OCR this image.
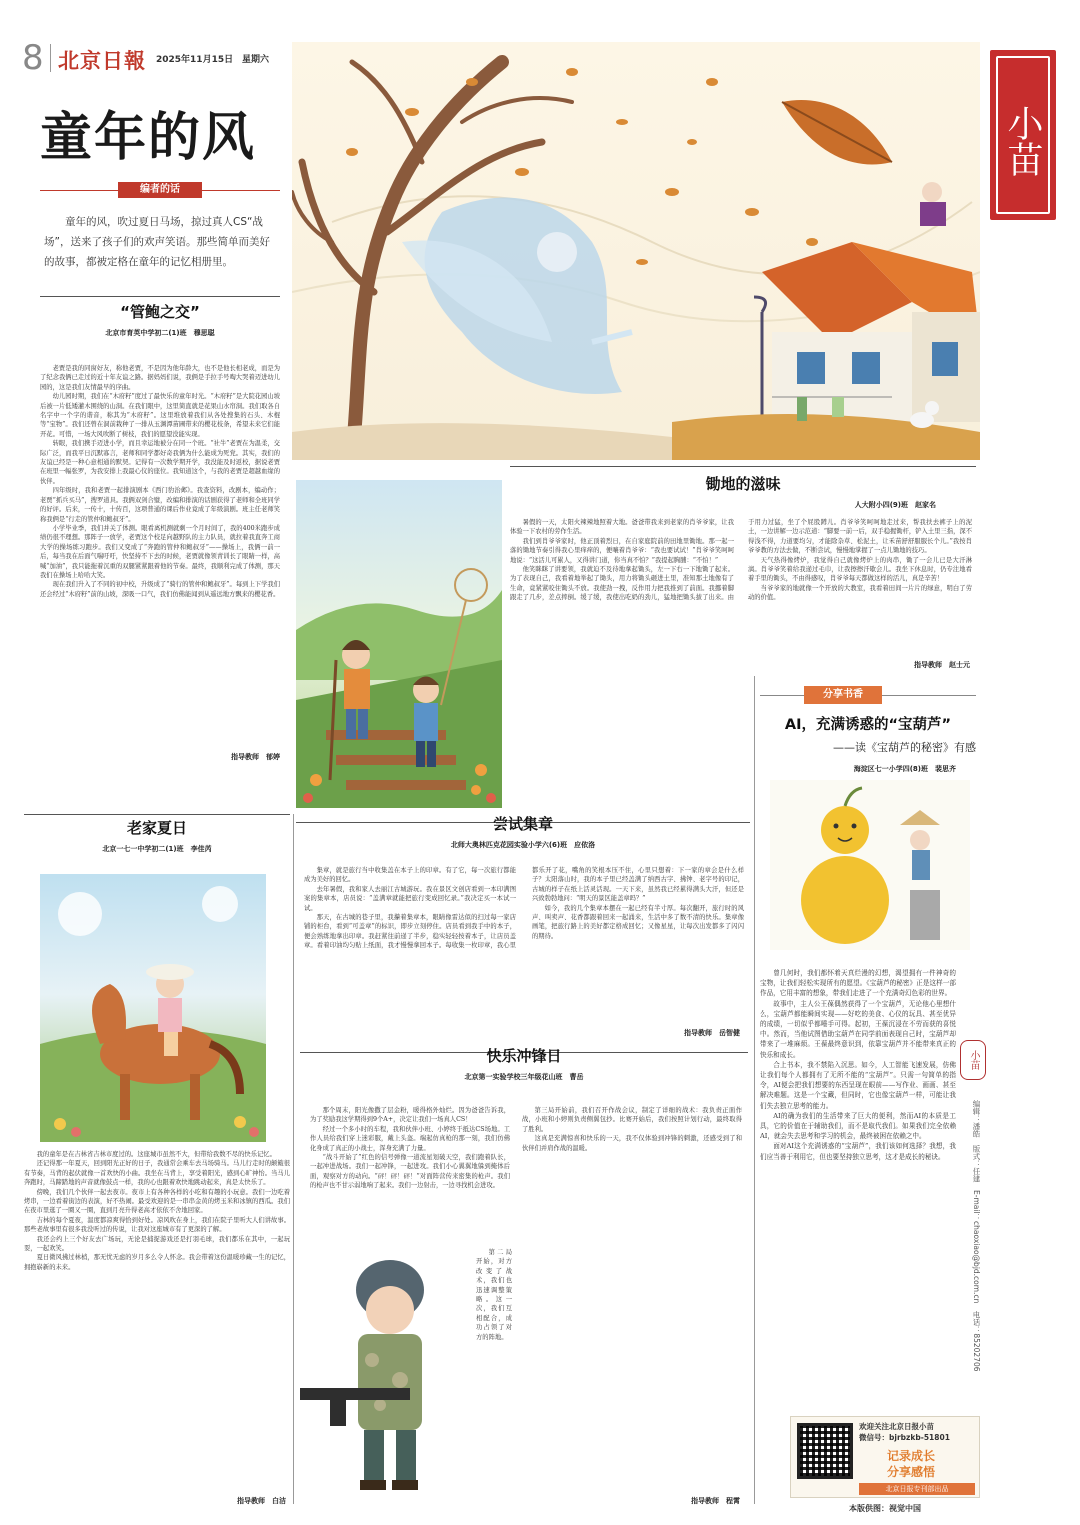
8 北京日報 2025年11月15日 星期六
小苗
童年的风
编者的话
童年的风，吹过夏日马场，掠过真人CS“战场”，送来了孩子们的欢声笑语。那些简单而美好的故事，都被定格在童年的记忆相册里。
“管鲍之交”
北京市育英中学初二(1)班　穆思聪

老贾是我的同窗好友，称他老贾，不是因为他年龄大，也不是他长相老成，而是为了纪念我俩已走过的近十年友谊之路。据妈妈们说，我俩是手拉手号啕大哭着迈进幼儿园的，这是我们友情最早的序曲。

幼儿园时期，我们在“木府籽”度过了最快乐的童年时光。“木府籽”是大院花园山坡后被一片低矮灌木围绕的山洞。在我们眼中，这里简直就是花果山水帘洞。我们取各自名字中一个字的谐音，称其为“木府籽”。这里堆放着我们从各处搜集的石头、木棍等“宝物”。我们还曾在洞前栽种了一排从玉渊潭苗圃带来的樱花枝条，希望未来它们能开花。可惜，一场大风吹断了树枝，我们的愿望没能实现。

转眼，我们携手迈进小学，而且幸运地被分在同一个班。“社牛”老贾在为温柔，交际广泛，而我平日沉默寡言，老师和同学都好奇我俩为什么能成为死党。其实，我们的友谊已经是一种心意相通的默契。记得有一次数学期开学，我没能及时返校，据说老贾在班里一幅张罗，为我安排上我最心仪的座位。我知道这个，与我的老贾是超越血缘的伙伴。

四年级时，我和老贾一起排演剧本《西门豹治邺》。我查资料，改剧本，编动作；老贾“抓兵买马”，搜罗道具。我俩双剑合璧，改编和排演的话剧获得了老师和全班同学的好评。后来，一传十，十传百，这项普通的课后作业竟成了年级演剧。班主任老师笑称我俩是“行走的管仲和鲍叔牙”。

小学毕业季，我们并关了体测。眼看离机测就剩一个月时间了，我的400米跑步成绩仍很不理想。那阵子一放学，老贾这个校足向越野队的主力队员，就拉着我直奔工商大学的操场练习跑步。我们又变成了“奔跑的管仲和鲍叔牙”——操场上，我俩一前一后，每当我在后面气喘吁吁，快坚持不下去的时候，老贾就像领青训长了眼睛一样，高喊“加油”，我只能拖着沉重的双腿紧紧跟着他的节奏。最终，我顺利完成了体测，那天我们在操场上哈哈大笑。

现在我们升入了不同的初中校，升级成了“骑行的管仲和鲍叔牙”。每到上下学我们还会经过“木府籽”前的山坡，深吸一口气，我们仿佛能闻到从遥远地方飘来的樱花香。

指导教师　郁婷
锄地的滋味
人大附小四(9)班　赵家名

暑假的一天，太阳火辣辣地照着大地。爸爸带我来到老家的肖爷爷家，让我体验一下农村的劳作生活。

我们到肖爷爷家时，他正顶着烈日，在自家庭院前的田地里锄地。那一起一落的锄地节奏引得我心里痒痒的，便嚷着肖爷爷：“我也要试试！”肖爷爷笑呵呵地说：“这活儿可累人，又得讲门道，你当真不怕？”我提起胸脯：“不怕！”

他笑眯眯了讲要领，我就迫不及待地拿起锄头，左一下右一下地锄了起来。为了表现自己，我看着地举起了锄头，用力将锄头砸进土里，准知那土地像有了生命，竟紧紧咬住锄头不放。我使劲一拽，反作用力把我推到了前面。我挪着脚跟走了几步，差点摔倒。缓了缓，我使出吃奶的劲儿，猛地把锄头拔了出来。由于用力过猛，坐了个屁股蹲儿。肖爷爷笑呵呵地走过来，帮我扶去裤子上的泥土，一边讲解一边示范道：“脚要一前一后，双手稳握锄杆，铲入土里三指，深不得浅不得，力道要均匀，才能除杂草、松泥土，让禾苗舒舒服服长个儿。”我按肖爷爷教的方法去做，不断尝试，慢慢地掌握了一点儿锄地的技巧。

天气热得像烤炉，我觉得自己就像烤炉上的肉串，锄了一会儿已是大汗淋漓。肖爷爷笑着给我递过毛巾，让我擦擦汗歇会儿。我坐下休息时，仍专注地看着手里的锄头，不由得感叹，肖爷爷每天都做这样的活儿，真是辛苦！

当爷爷家的地就像一个开放的大教室，我看着田间一片片的绿意，明白了劳动的价值。

指导教师　赵士元
分享书香
AI，充满诱惑的“宝葫芦”
——读《宝葫芦的秘密》有感
海淀区七一小学四(8)班　裴思齐

曾几何时，我们都怀着天真烂漫的幻想，渴望拥有一件神奇的宝物，让我们轻松实现所有的愿望。《宝葫芦的秘密》正是这样一部作品，它用丰富的想象，带我们走进了一个充满奇幻色彩的世界。

故事中，主人公王葆偶然获得了一个宝葫芦，无论他心里想什么，宝葫芦都能瞬间实现——好吃的美食、心仪的玩具、甚至优异的成绩，一切似乎都唾手可得。起初，王葆沉浸在不劳而获的喜悦中。然而，当他试图借助宝葫芦在同学前面表现自己时，宝葫芦却带来了一堆麻烦。王葆最终意识到，依靠宝葫芦并不能带来真正的快乐和成长。

合上书本，我不禁陷入沉思。如今，人工智能飞速发展，仿佛让我们每个人都拥有了无所不能的“宝葫芦”。只需一句简单的指令，AI便会把我们想要的东西呈现在眼前——写作业、画画、甚至解决难题。这是一个宝藏，但同时，它也像宝葫芦一样，可能让我们失去独立思考的能力。

AI的确为我们的生活带来了巨大的便利，然而AI的本质是工具，它的价值在于辅助我们，而不是取代我们。如果我们完全依赖AI，就会失去思考和学习的机会，最终被困在依赖之中。

面对AI这个充满诱惑的“宝葫芦”，我们该如何选择？我想，我们应当善于利用它，但也要坚持独立思考，这才是成长的秘诀。

小苗
编辑：潘皓　版式：任建　E-mail：chaoxiao@bjd.com.cn　电话：85202706
欢迎关注北京日报小苗
微信号：bjrbzkb-51801
记录成长
分享感悟
北京日报专刊部出品
本版供图：视觉中国
老家夏日
北京一七一中学初二(1)班　李佳芮

我的童年是在吉林省吉林市度过的。这座城市虽然不大，但带给我数不尽的快乐记忆。

还记得那一年夏天，回到阳光正好的日子，我通常会乘车去马场骑马。马儿行走时的颠簸很有节奏，马背的起伏就像一首欢快的小曲。我坐在马背上，享受着阳光，感到心旷神怡。当马儿奔跑时，马蹄踏地的声音就像鼓点一样，我的心也跟着欢快地跳动起来，真是太快乐了。

傍晚，我们几个伙伴一起去夜市。夜市上有各种各样的小吃和有趣的小玩意。我们一边吃着烤串，一边看着街边的表演，好不热闹。最受欢迎的是一串串金黄的烤玉米和冰镇的西瓜。我们在夜市里逛了一圈又一圈，直到月亮升得老高才依依不舍地回家。

吉林的每个夏夜，温度都凉爽得恰到好处。凉风吹在身上，我们在院子里听大人们讲故事。那些老故事里有很多我没听过的传说，让我对这座城市有了更深的了解。

我还会约上三个好友去广场玩，无论是捕捉游戏还是打羽毛球，我们都乐在其中，一起玩耍，一起欢笑。

夏日微风拂过林梢，那无忧无虑的岁月多么令人怀念。我会带着这份温暖珍藏一生的记忆，拥抱崭新的未来。

指导教师　白洁
尝试集章
北师大奥林匹克花园实验小学六(6)班　应依洛

集章，就是旅行当中收集盖在本子上的印章。有了它，每一次旅行都能成为美好的回忆。

去年暑假，我和家人去丽江古城游玩。我在景区文创店看到一本印满图案的集章本，店员说：“盖满章就能把旅行变成回忆录。”我决定买一本试一试。

那天，在古城的巷子里，我攥着集章本，眼睛像雷达似的扫过每一家店铺的柜台，看到“可盖章”的标识，即步立刻停住。店员看到我手中的本子，便会熟练地拿出印章。我赶紧往前递了半步，稳实轻轻按着本子，让店员盖章。看着印油均匀贴上纸面，我才慢慢拿回本子。每收集一枚印章，我心里都乐开了花，嘴角的笑根本压不住，心里只想着：下一家的章会是什么样子？太阳落山时，我的本子里已经盖满了纳西古字、拂钟、老字号的印记，古城的样子在纸上活灵活现。一天下来，虽然我已经累得满头大汗，但还是兴致勃勃地问：“明天的景区能盖章吗？”

如今，我的几个集章本摆在一起已经有半寸厚。每次翻开，旅行时的风声、叫卖声、花香都跟着回来一起涌来，生活中多了数不清的快乐。集章像画笔，把旅行路上的美好都定格成回忆；又像星星，让每次出发都多了闪闪的期待。

指导教师　岳智健
快乐冲锋日
北京第一实验学校三年级花山班　曹岳

那个周末，阳光像撒了层金粉，暖得格外灿烂。因为爸爸告诉我，为了奖励我这学期得到9个A+，决定让我们一场真人CS！

经过一个多小时的车程，我和伙伴小班、小婷终于抵达CS场地。工作人员给我们穿上迷彩服，戴上头盔。端起仿真枪的那一刻，我们仿佛化身成了真正的小战士，浑身充满了力量。

“战斗开始了”红色的信号弹像一道流星划破天空，我们跑着队长，一起冲进战场。我们一起冲锋，一起进攻。我们小心翼翼地躲到掩体后面，观察对方的动向。“砰！砰！砰！”对面阵营传来密集的枪声。我们的枪声也不甘示弱地响了起来。我们一边射击，一边寻找机会进攻。

第二局开始，对方改变了战术，我们也迅速调整策略。这一次，我们互相配合，成功占领了对方的阵地。

第三局开始前，我们召开作战会议，制定了详细的战术：我负责正面作战，小班和小婷则负责侧翼包抄。比赛开始后，我们按照计划行动，最终取得了胜利。

这真是充满惊喜和快乐的一天，我不仅体验到冲锋的刺激，还感受到了和伙伴们并肩作战的温暖。

指导教师　程霄
